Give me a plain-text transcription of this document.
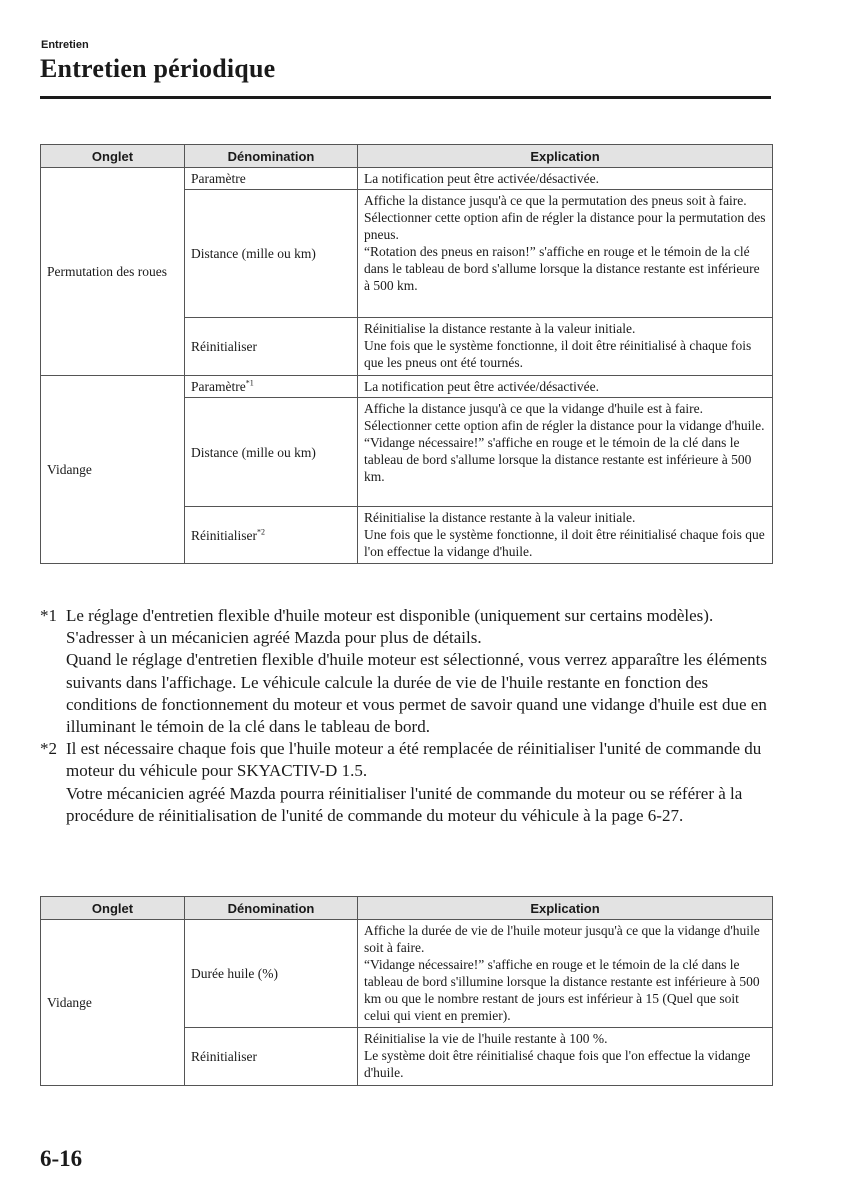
Entretien
Entretien périodique
Onglet	Dénomination	Explication
Permutation des roues	Paramètre	La notification peut être activée/désactivée.

	Distance (mille ou km)	Affiche la distance jusqu'à ce que la permutation des pneus soit à faire.
Sélectionner cette option afin de régler la distance pour la permutation des pneus.
“Rotation des pneus en raison!” s'affiche en rouge et le témoin de la clé dans le tableau de bord s'allume lorsque la distance restante est inférieure à 500 km.

	Réinitialiser	Réinitialise la distance restante à la valeur initiale.
Une fois que le système fonctionne, il doit être réinitialisé à chaque fois que les pneus ont été tournés.

Vidange	Paramètre$^{*1}$	La notification peut être activée/désactivée.

	Distance (mille ou km)	Affiche la distance jusqu'à ce que la vidange d'huile est à faire.
Sélectionner cette option afin de régler la distance pour la vidange d'huile.
“Vidange nécessaire!” s'affiche en rouge et le témoin de la clé dans le tableau de bord s'allume lorsque la distance restante est inférieure à 500 km.

	Réinitialiser$^{*2}$	Réinitialise la distance restante à la valeur initiale.
Une fois que le système fonctionne, il doit être réinitialisé chaque fois que l'on effectue la vidange d'huile.
*1 Le réglage d'entretien flexible d'huile moteur est disponible (uniquement sur certains modèles). S'adresser à un mécanicien agréé Mazda pour plus de détails.
Quand le réglage d'entretien flexible d'huile moteur est sélectionné, vous verrez apparaître les éléments suivants dans l'affichage. Le véhicule calcule la durée de vie de l'huile restante en fonction des conditions de fonctionnement du moteur et vous permet de savoir quand une vidange d'huile est due en illuminant le témoin de la clé dans le tableau de bord.
*2 Il est nécessaire chaque fois que l'huile moteur a été remplacée de réinitialiser l'unité de commande du moteur du véhicule pour SKYACTIV-D 1.5.
Votre mécanicien agréé Mazda pourra réinitialiser l'unité de commande du moteur ou se référer à la procédure de réinitialisation de l'unité de commande du moteur du véhicule à la page 6-27.
Onglet	Dénomination	Explication
Vidange	Durée huile (%)	Affiche la durée de vie de l'huile moteur jusqu'à ce que la vidange d'huile soit à faire.
“Vidange nécessaire!” s'affiche en rouge et le témoin de la clé dans le tableau de bord s'illumine lorsque la distance restante est inférieure à 500 km ou que le nombre restant de jours est inférieur à 15 (Quel que soit celui qui vient en premier).

	Réinitialiser	Réinitialise la vie de l'huile restante à 100 %.
Le système doit être réinitialisé chaque fois que l'on effectue la vidange d'huile.
6-16
